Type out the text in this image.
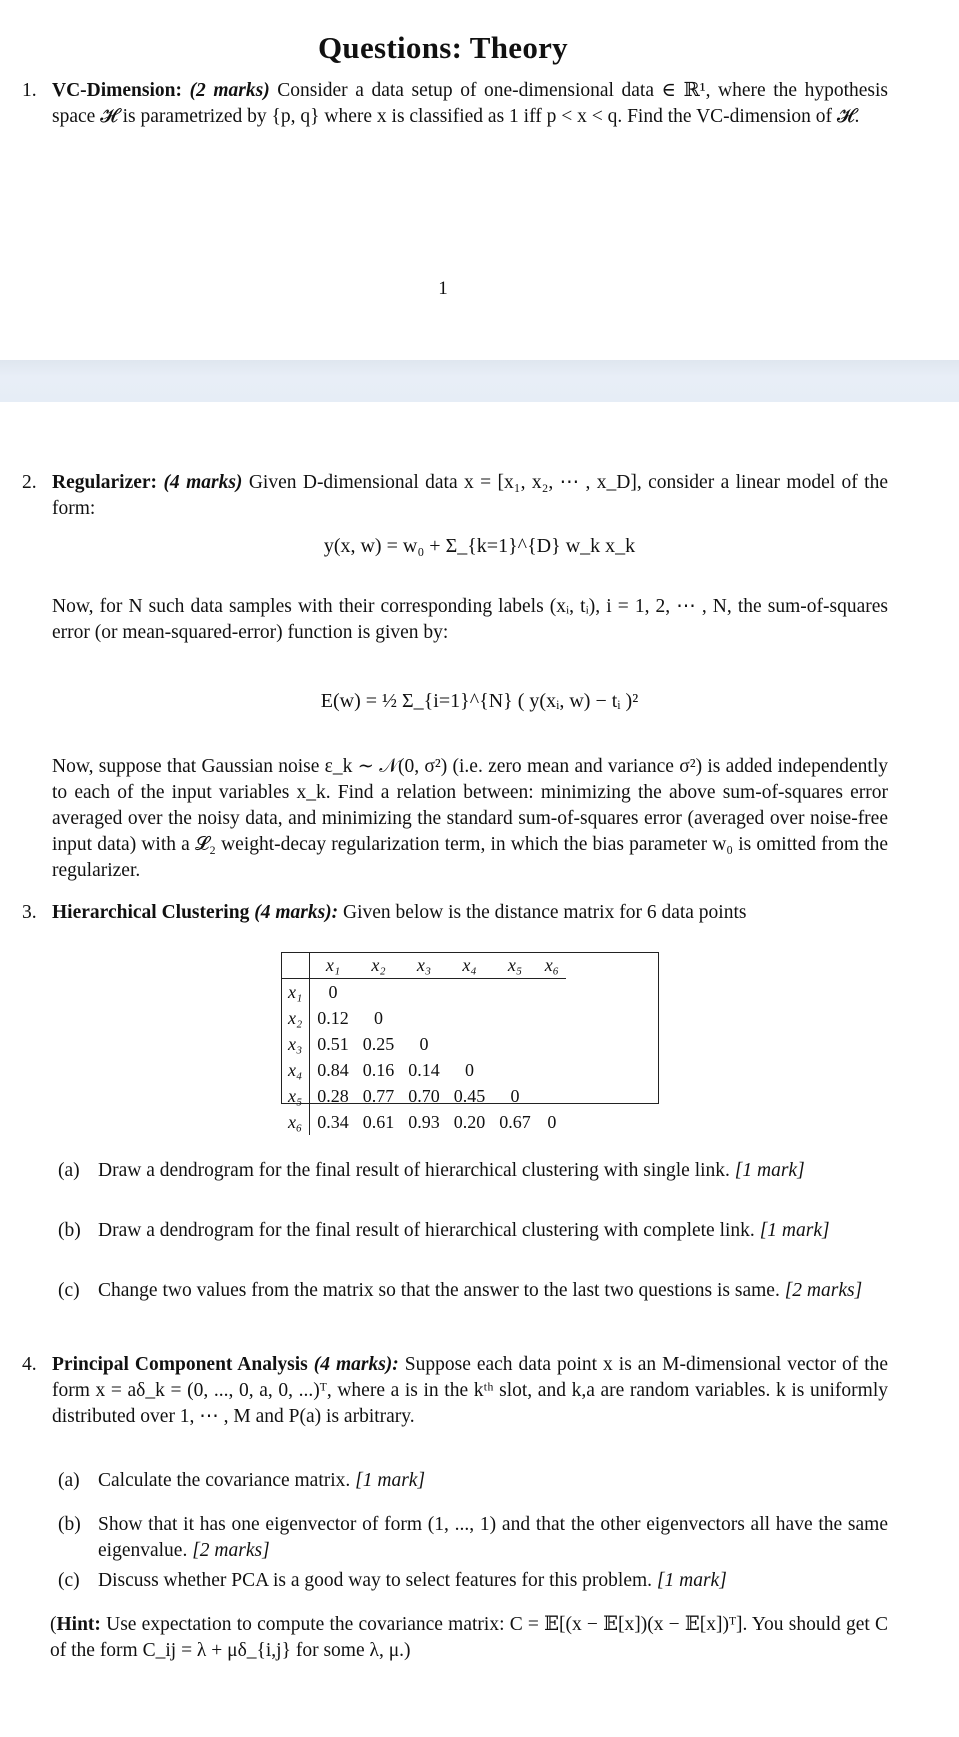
Questions: Theory
1. VC-Dimension: (2 marks) Consider a data setup of one-dimensional data ∈ ℝ¹, where the hypothesis space 𝓗 is parametrized by {p, q} where x is classified as 1 iff p < x < q. Find the VC-dimension of 𝓗.
1
2. Regularizer: (4 marks) Given D-dimensional data x = [x₁, x₂, ⋯ , x_D], consider a linear model of the form:
y(x, w) = w₀ + Σ_{k=1}^{D} w_k x_k
Now, for N such data samples with their corresponding labels (xᵢ, tᵢ), i = 1, 2, ⋯ , N, the sum-of-squares error (or mean-squared-error) function is given by:
E(w) = ½ Σ_{i=1}^{N} ( y(xᵢ, w) − tᵢ )²
Now, suppose that Gaussian noise ε_k ∼ 𝒩(0, σ²) (i.e. zero mean and variance σ²) is added independently to each of the input variables x_k. Find a relation between: minimizing the above sum-of-squares error averaged over the noisy data, and minimizing the standard sum-of-squares error (averaged over noise-free input data) with a 𝓛₂ weight-decay regularization term, in which the bias parameter w₀ is omitted from the regularizer.
3. Hierarchical Clustering (4 marks): Given below is the distance matrix for 6 data points
	x₁	x₂	x₃	x₄	x₅	x₆
x₁	0					
x₂	0.12	0				
x₃	0.51	0.25	0			
x₄	0.84	0.16	0.14	0		
x₅	0.28	0.77	0.70	0.45	0	
x₆	0.34	0.61	0.93	0.20	0.67	0
(a) Draw a dendrogram for the final result of hierarchical clustering with single link. [1 mark]
(b) Draw a dendrogram for the final result of hierarchical clustering with complete link. [1 mark]
(c) Change two values from the matrix so that the answer to the last two questions is same. [2 marks]
4. Principal Component Analysis (4 marks): Suppose each data point x is an M-dimensional vector of the form x = aδ_k = (0, ..., 0, a, 0, ...)ᵀ, where a is in the kᵗʰ slot, and k,a are random variables. k is uniformly distributed over 1, ⋯ , M and P(a) is arbitrary.
(a) Calculate the covariance matrix. [1 mark]
(b) Show that it has one eigenvector of form (1, ..., 1) and that the other eigenvectors all have the same eigenvalue. [2 marks]
(c) Discuss whether PCA is a good way to select features for this problem. [1 mark]
(Hint: Use expectation to compute the covariance matrix: C = 𝔼[(x − 𝔼[x])(x − 𝔼[x])ᵀ]. You should get C of the form C_ij = λ + μδ_{i,j} for some λ, μ.)
